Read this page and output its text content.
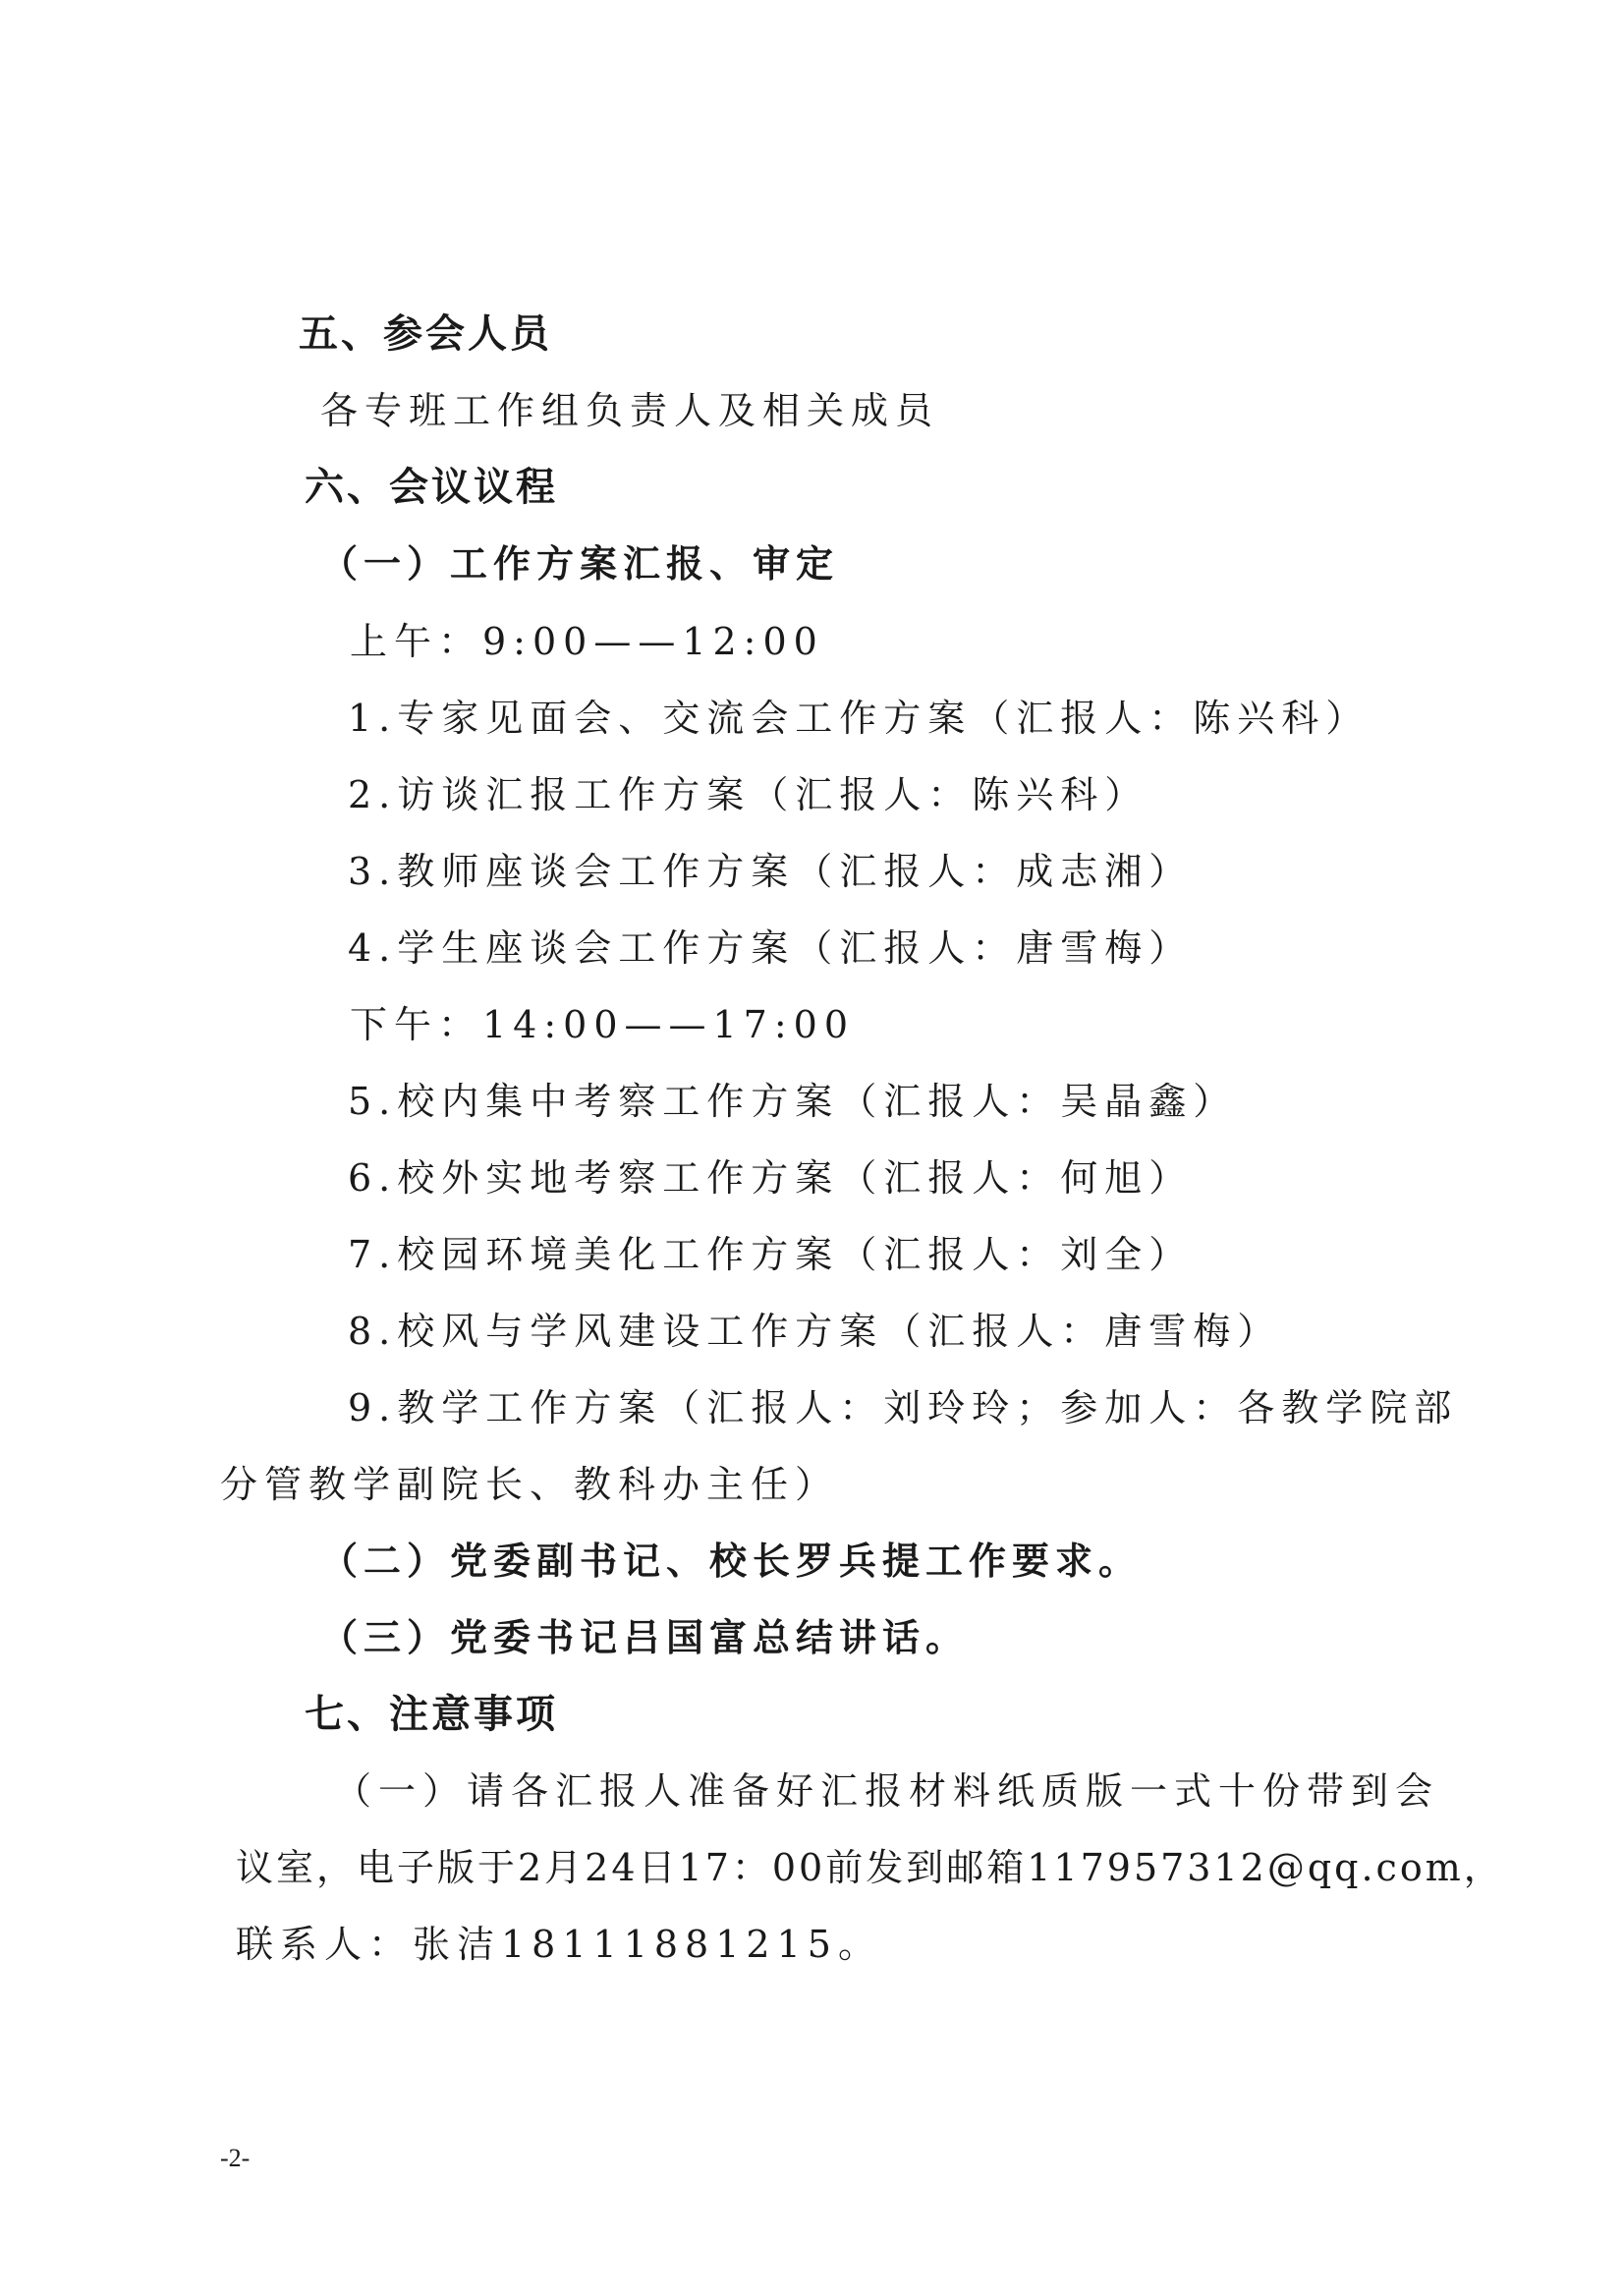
五、参会人员
各专班工作组负责人及相关成员
六、会议议程
（一）工作方案汇报、审定
上午：9:00——12:00
1.专家见面会、交流会工作方案（汇报人：陈兴科）
2.访谈汇报工作方案（汇报人：陈兴科）
3.教师座谈会工作方案（汇报人：成志湘）
4.学生座谈会工作方案（汇报人：唐雪梅）
下午：14:00——17:00
5.校内集中考察工作方案（汇报人：吴晶鑫）
6.校外实地考察工作方案（汇报人：何旭）
7.校园环境美化工作方案（汇报人：刘全）
8.校风与学风建设工作方案（汇报人：唐雪梅）
9.教学工作方案（汇报人：刘玲玲；参加人：各教学院部
分管教学副院长、教科办主任）
（二）党委副书记、校长罗兵提工作要求。
（三）党委书记吕国富总结讲话。
七、注意事项
（一）请各汇报人准备好汇报材料纸质版一式十份带到会
议室，电子版于2月24日17：00前发到邮箱117957312@qq.com，
联系人：张洁18111881215。
-2-
